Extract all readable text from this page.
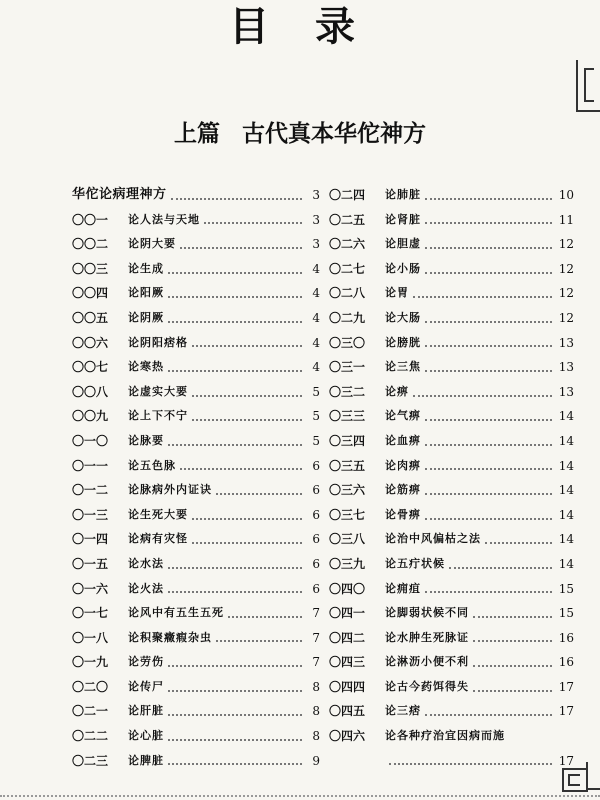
目 录
上篇 古代真本华佗神方
华佗论病理神方	3
〇〇一	论人法与天地	3
〇〇二	论阴大要	3
〇〇三	论生成	4
〇〇四	论阳厥	4
〇〇五	论阴厥	4
〇〇六	论阴阳痞格	4
〇〇七	论寒热	4
〇〇八	论虚实大要	5
〇〇九	论上下不宁	5
〇一〇	论脉要	5
〇一一	论五色脉	6
〇一二	论脉病外内证诀	6
〇一三	论生死大要	6
〇一四	论病有灾怪	6
〇一五	论水法	6
〇一六	论火法	6
〇一七	论风中有五生五死	7
〇一八	论积聚癥瘕杂虫	7
〇一九	论劳伤	7
〇二〇	论传尸	8
〇二一	论肝脏	8
〇二二	论心脏	8
〇二三	论脾脏	9
〇二四	论肺脏	10
〇二五	论肾脏	11
〇二六	论胆虚	12
〇二七	论小肠	12
〇二八	论胃	12
〇二九	论大肠	12
〇三〇	论膀胱	13
〇三一	论三焦	13
〇三二	论痹	13
〇三三	论气痹	14
〇三四	论血痹	14
〇三五	论肉痹	14
〇三六	论筋痹	14
〇三七	论骨痹	14
〇三八	论治中风偏枯之法	14
〇三九	论五疔状候	14
〇四〇	论痈疽	15
〇四一	论脚弱状候不同	15
〇四二	论水肿生死脉证	16
〇四三	论淋沥小便不利	16
〇四四	论古今药饵得失	17
〇四五	论三痞	17
〇四六	论各种疗治宜因病而施
17
